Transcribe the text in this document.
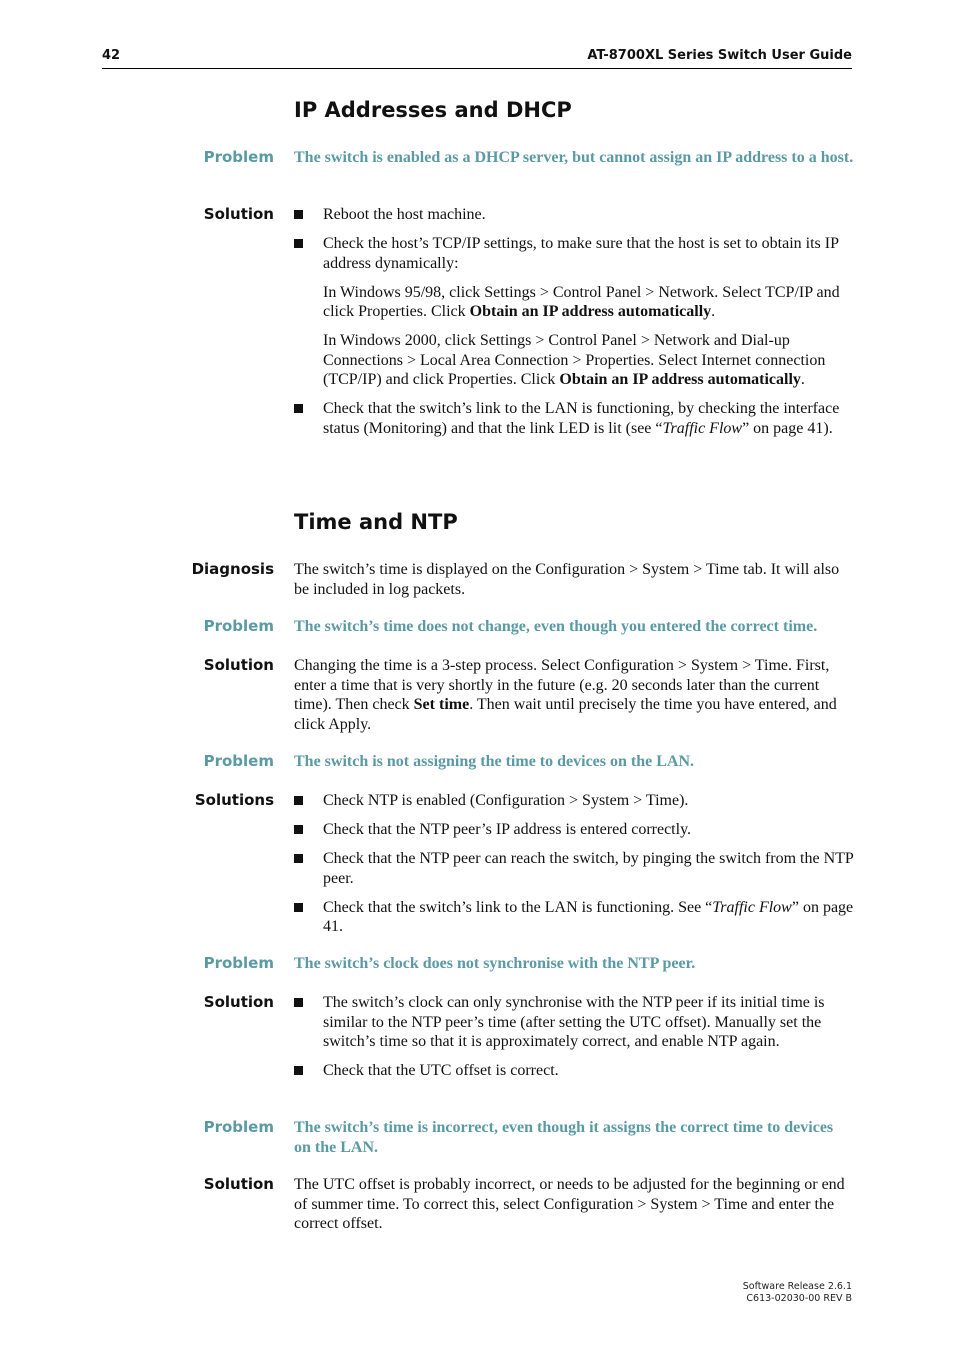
42	AT-8700XL Series Switch User Guide
IP Addresses and DHCP
Problem The switch is enabled as a DHCP server, but cannot assign an IP address to a host.
Solution	Reboot the host machine.
Check the host’s TCP/IP settings, to make sure that the host is set to obtain its IP address dynamically:

In Windows 95/98, click Settings > Control Panel > Network. Select TCP/IP and click Properties. Click Obtain an IP address automatically.

In Windows 2000, click Settings > Control Panel > Network and Dial-up Connections > Local Area Connection > Properties. Select Internet connection (TCP/IP) and click Properties. Click Obtain an IP address automatically.

Check that the switch’s link to the LAN is functioning, by checking the interface status (Monitoring) and that the link LED is lit (see “Traffic Flow” on page 41).
Time and NTP
Diagnosis The switch’s time is displayed on the Configuration > System > Time tab. It will also be included in log packets.
Problem The switch’s time does not change, even though you entered the correct time.
Solution Changing the time is a 3-step process. Select Configuration > System > Time. First, enter a time that is very shortly in the future (e.g. 20 seconds later than the current time). Then check Set time. Then wait until precisely the time you have entered, and click Apply.
Problem The switch is not assigning the time to devices on the LAN.
Solutions	Check NTP is enabled (Configuration > System > Time).
Check that the NTP peer’s IP address is entered correctly.
Check that the NTP peer can reach the switch, by pinging the switch from the NTP peer.
Check that the switch’s link to the LAN is functioning. See “Traffic Flow” on page 41.
Problem The switch’s clock does not synchronise with the NTP peer.
Solution	The switch’s clock can only synchronise with the NTP peer if its initial time is similar to the NTP peer’s time (after setting the UTC offset). Manually set the switch’s time so that it is approximately correct, and enable NTP again.
Check that the UTC offset is correct.
Problem The switch’s time is incorrect, even though it assigns the correct time to devices on the LAN.
Solution The UTC offset is probably incorrect, or needs to be adjusted for the beginning or end of summer time. To correct this, select Configuration > System > Time and enter the correct offset.
Software Release 2.6.1
C613-02030-00 REV B
